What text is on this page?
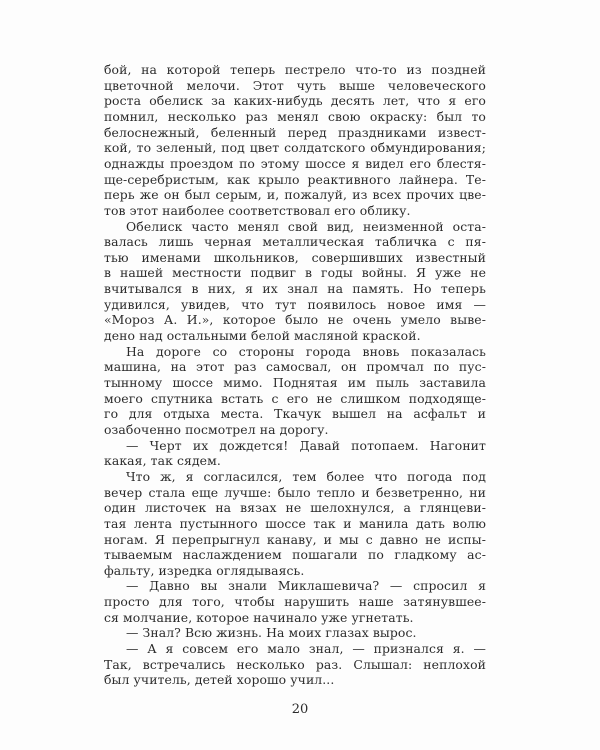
бой, на которой теперь пестрело что-то из поздней
цветочной мелочи. Этот чуть выше человеческого
роста обелиск за каких-нибудь десять лет, что я его
помнил, несколько раз менял свою окраску: был то
белоснежный, беленный перед праздниками извест-
кой, то зеленый, под цвет солдатского обмундирования;
однажды проездом по этому шоссе я видел его блестя-
ще-серебристым, как крыло реактивного лайнера. Те-
перь же он был серым, и, пожалуй, из всех прочих цве-
тов этот наиболее соответствовал его облику.
Обелиск часто менял свой вид, неизменной оста-
валась лишь черная металлическая табличка с пя-
тью именами школьников, совершивших известный
в нашей местности подвиг в годы войны. Я уже не
вчитывался в них, я их знал на память. Но теперь
удивился, увидев, что тут появилось новое имя —
«Мороз А. И.», которое было не очень умело выве-
дено над остальными белой масляной краской.
На дороге со стороны города вновь показалась
машина, на этот раз самосвал, он промчал по пус-
тынному шоссе мимо. Поднятая им пыль заставила
моего спутника встать с его не слишком подходяще-
го для отдыха места. Ткачук вышел на асфальт и
озабоченно посмотрел на дорогу.
— Черт их дождется! Давай потопаем. Нагонит
какая, так сядем.
Что ж, я согласился, тем более что погода под
вечер стала еще лучше: было тепло и безветренно, ни
один листочек на вязах не шелохнулся, а глянцеви-
тая лента пустынного шоссе так и манила дать волю
ногам. Я перепрыгнул канаву, и мы с давно не испы-
тываемым наслаждением пошагали по гладкому ас-
фальту, изредка оглядываясь.
— Давно вы знали Миклашевича? — спросил я
просто для того, чтобы нарушить наше затянувшее-
ся молчание, которое начинало уже угнетать.
— Знал? Всю жизнь. На моих глазах вырос.
— А я совсем его мало знал, — признался я. —
Так, встречались несколько раз. Слышал: неплохой
был учитель, детей хорошо учил...
20
